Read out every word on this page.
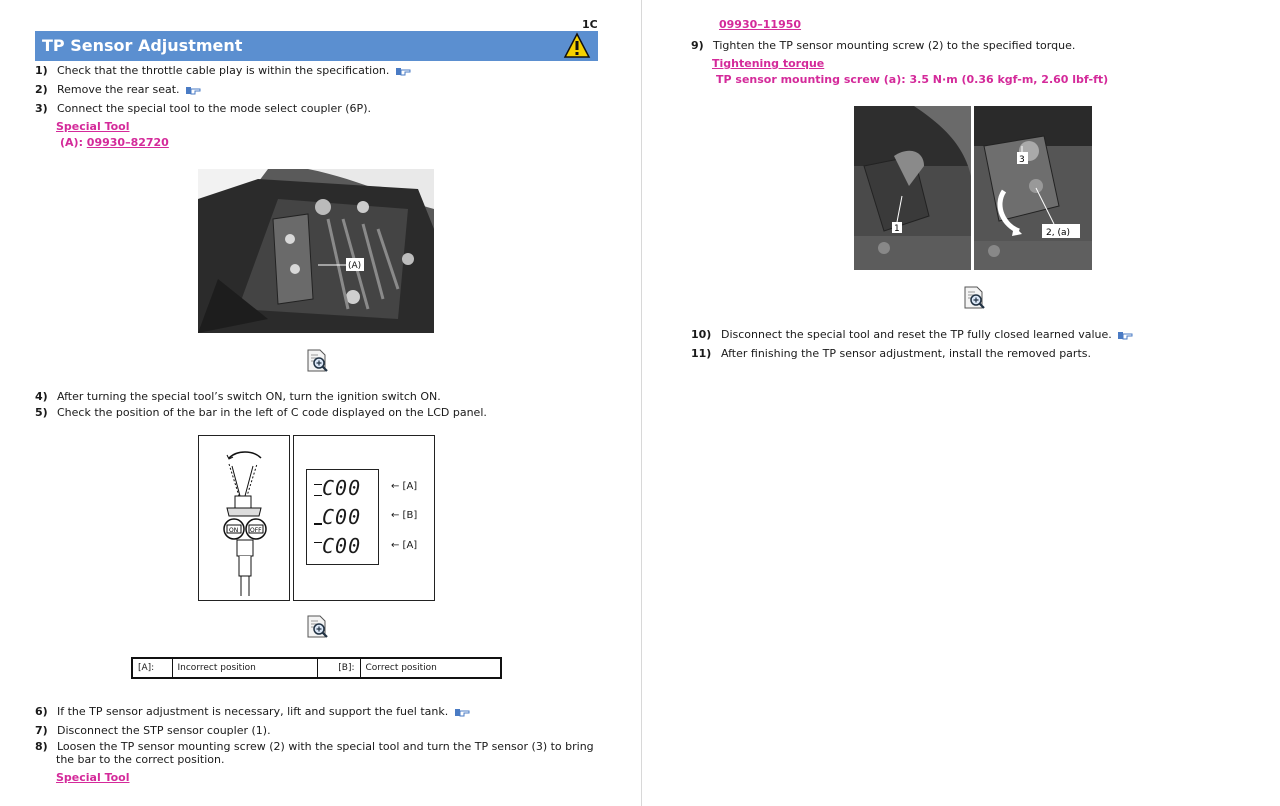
1C
TP Sensor Adjustment
1) Check that the throttle cable play is within the specification.
2) Remove the rear seat.
3) Connect the special tool to the mode select coupler (6P).
Special Tool
(A): 09930–82720
(A)
4) After turning the special tool’s switch ON, turn the ignition switch ON.
5) Check the position of the bar in the left of C code displayed on the LCD panel.
ON OFF
C00
C00
C00
← [A]
← [B]
← [A]
[A]:	Incorrect position	[B]:	Correct position
6) If the TP sensor adjustment is necessary, lift and support the fuel tank.
7) Disconnect the STP sensor coupler (1).
8) Loosen the TP sensor mounting screw (2) with the special tool and turn the TP sensor (3) to bring
the bar to the correct position.
Special Tool
09930–11950
9) Tighten the TP sensor mounting screw (2) to the specified torque.
Tightening torque
TP sensor mounting screw (a): 3.5 N·m (0.36 kgf-m, 2.60 lbf-ft)
1
3
2, (a)
10) Disconnect the special tool and reset the TP fully closed learned value.
11) After finishing the TP sensor adjustment, install the removed parts.
